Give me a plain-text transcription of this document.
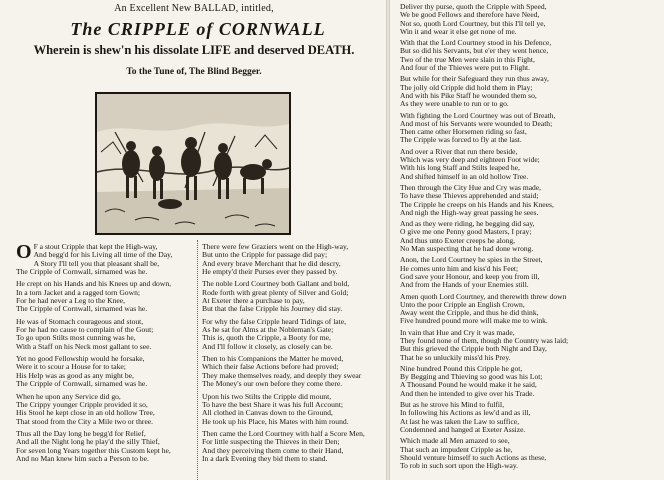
An Excellent New BALLAD, intitled,
The CRIPPLE of CORNWALL
Wherein is shew'n his dissolate LIFE and deserved DEATH.
To the Tune of, The Blind Begger.
O F a stout Cripple that kept the High-way,
And begg'd for his Living all time of the Day,
A Story I'll tell you that pleasant shall be,
The Cripple of Cornwall, sirnamed was he.

He crept on his Hands and his Knees up and down,
In a torn Jacket and a ragged torn Gown;
For he had never a Leg to the Knee,
The Cripple of Cornwall, sirnamed was he.

He was of Stomach courageous and stout,
For he had no cause to complain of the Gout;
To go upon Stilts most cunning was he,
With a Staff on his Neck most gallant to see.

Yet no good Fellowship would he forsake,
Were it to scour a House for to take;
His Help was as good as any might be,
The Cripple of Cornwall, sirnamed was he.

When he upon any Service did go,
The Crippy younger Cripple provided it so,
His Stool he kept close in an old hollow Tree,
That stood from the City a Mile two or three.

Thus all the Day long he begg'd for Relief,
And all the Night long he play'd the silly Thief,
For seven long Years together this Custom kept he,
And no Man knew him such a Person to be.

There were few Graziers went on the High-way,
But unto the Cripple for passage did pay;
And every brave Merchant that he did descry,
He empty'd their Purses ever they passed by.

The noble Lord Courtney both Gallant and bold,
Rode forth with great plenty of Silver and Gold;
At Exeter there a purchase to pay,
But that the false Cripple his Journey did stay.

For why the false Cripple heard Tidings of late,
As he sat for Alms at the Nobleman's Gate;
This is, quoth the Cripple, a Booty for me,
And I'll follow it closely, as closely can be.

Then to his Companions the Matter he moved,
Which their false Actions before had proved;
They make themselves ready, and deeply they swear
The Money's our own before they come there.

Upon his two Stilts the Cripple did mount,
To have the best Share it was his full Account;
All clothed in Canvas down to the Ground,
He took up his Place, his Mates with him round.

Then came the Lord Courtney with half a Score Men,
For little suspecting the Thieves in their Den;
And they perceiving them come to their Hand,
In a dark Evening they bid them to stand.

Deliver thy purse, quoth the Cripple with Speed,
We be good Fellows and therefore have Need,
Not so, quoth Lord Courtney, but this I'll tell ye,
Win it and wear it else get none of me.

With that the Lord Courtney stood in his Defence,
But so did his Servants, but e'er they went hence,
Two of the true Men were slain in this Fight,
And four of the Thieves were put to Flight.

But while for their Safeguard they run thus away,
The jolly old Cripple did hold them in Play;
And with his Pike Staff he wounded them so,
As they were unable to run or to go.

With fighting the Lord Courtney was out of Breath,
And most of his Servants were wounded to Death;
Then came other Horsemen riding so fast,
The Cripple was forced to fly at the last.

And over a River that run there beside,
Which was very deep and eighteen Foot wide;
With his long Staff and Stilts leaped he,
And shifted himself in an old hollow Tree.

Then through the City Hue and Cry was made,
To have these Thieves apprehended and staid;
The Cripple he creeps on his Hands and his Knees,
And nigh the High-way great passing he sees.

And as they were riding, he begging did say,
O give me one Penny good Masters, I pray;
And thus unto Exeter creeps he along,
No Man suspecting that he had done wrong.

Anon, the Lord Courtney he spies in the Street,
He comes unto him and kiss'd his Feet;
God save your Honour, and keep you from ill,
And from the Hands of your Enemies still.

Amen quoth Lord Courtney, and therewith threw down
Unto the poor Cripple an English Crown,
Away went the Cripple, and thus he did think,
Five hundred pound more will make me to wink.

In vain that Hue and Cry it was made,
They found none of them, though the Country was laid;
But this grieved the Cripple both Night and Day,
That he so unluckily miss'd his Prey.

Nine hundred Pound this Cripple he got,
By Begging and Thieving so good was his Lot;
A Thousand Pound he would make it he said,
And then he intended to give over his Trade.

But as he strove his Mind to fulfil,
In following his Actions as lew'd and as ill,
At last he was taken the Law to suffice,
Condemned and hanged at Exeter Assize.

Which made all Men amazed to see,
That such an impudent Cripple as he,
Should venture himself to such Actions as these,
To rob in such sort upon the High-way.
